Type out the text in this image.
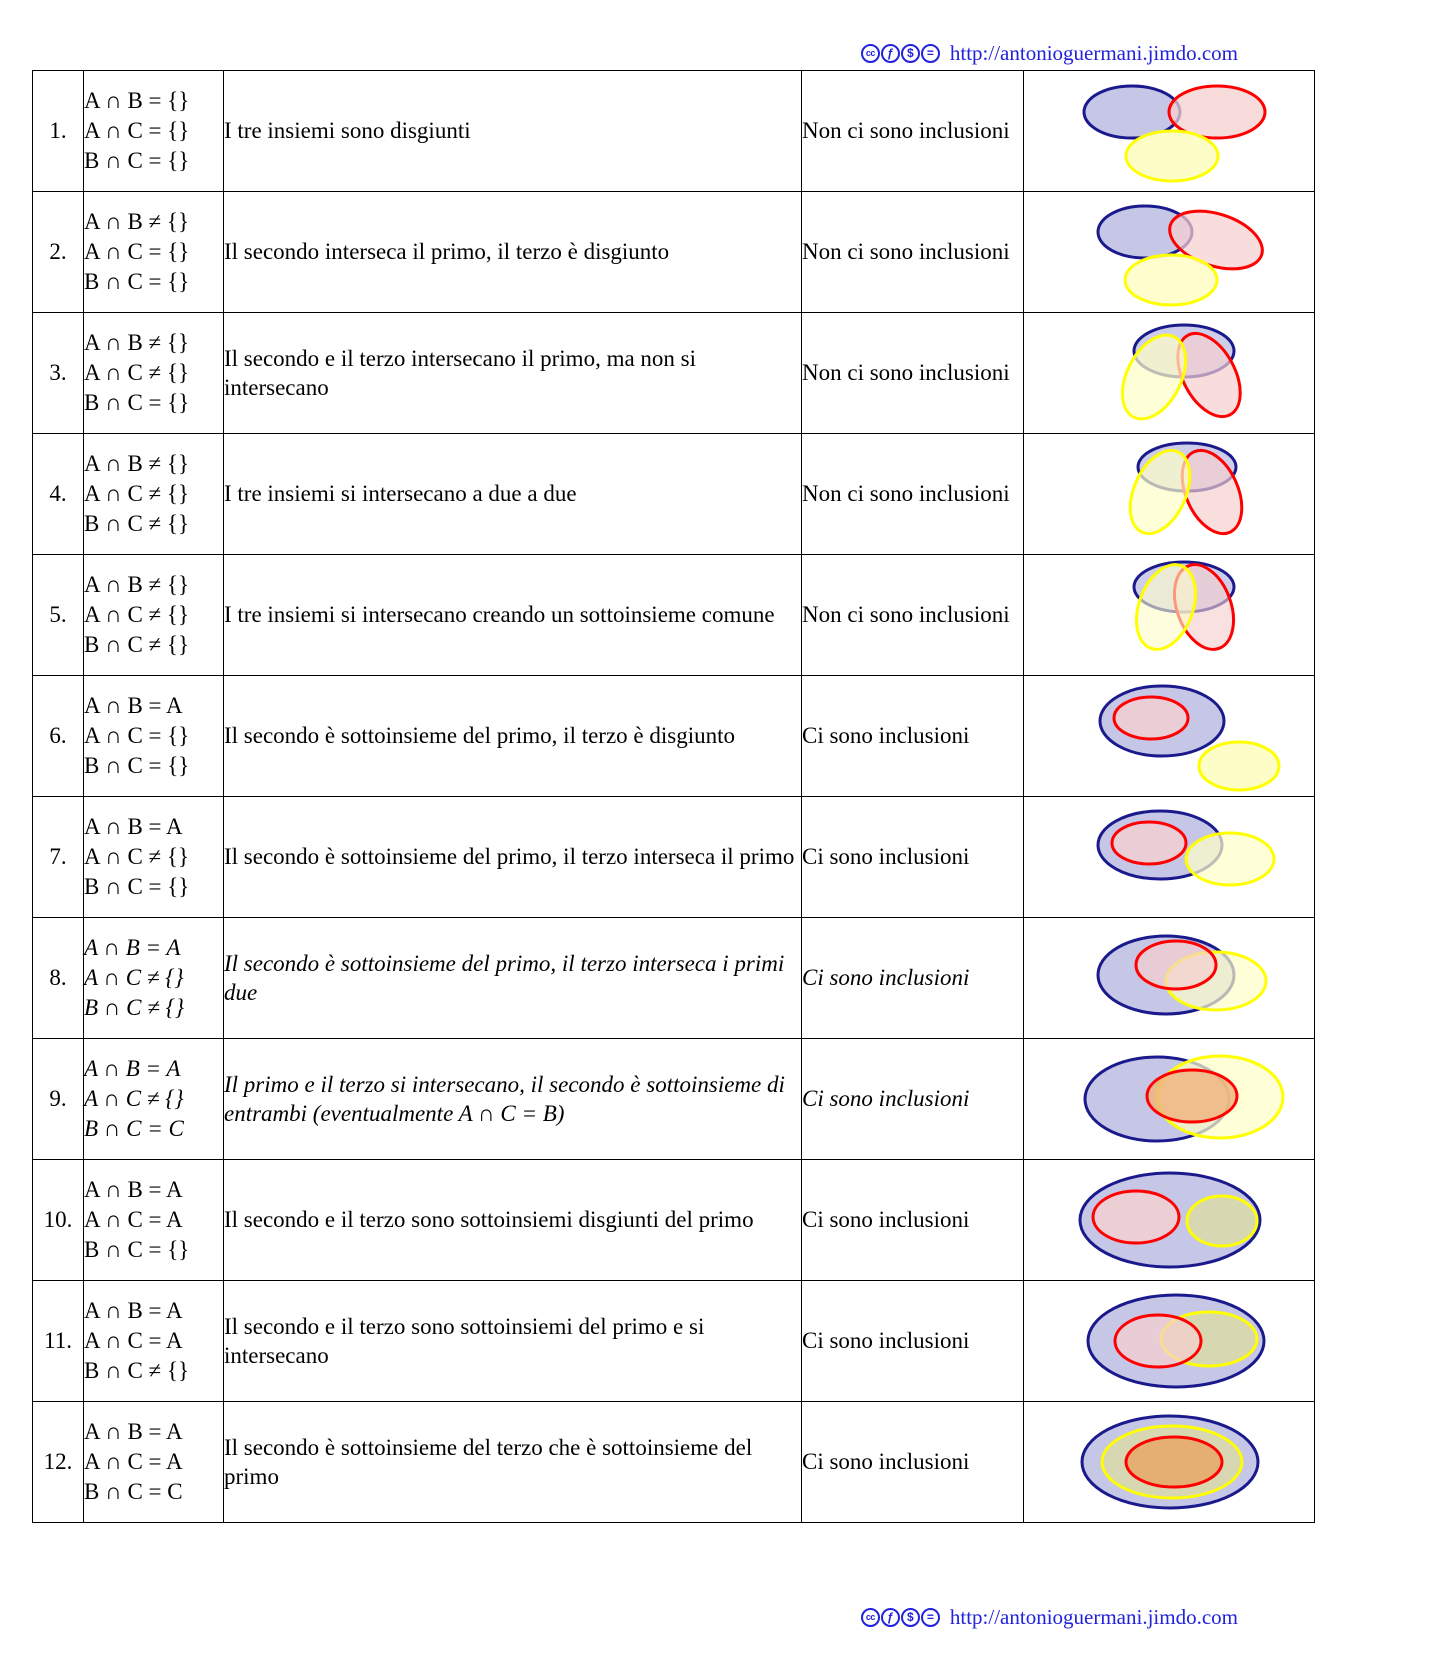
cc	ƒ	$	= http://antonioguermani.jimdo.com
1.	A ∩ B = {}
A ∩ C = {}
B ∩ C = {}	I tre insiemi sono disgiunti	Non ci sono inclusioni	

2.	A ∩ B ≠ {}
A ∩ C = {}
B ∩ C = {}	Il secondo interseca il primo, il terzo è disgiunto	Non ci sono inclusioni	

3.	A ∩ B ≠ {}
A ∩ C ≠ {}
B ∩ C = {}	Il secondo e il terzo intersecano il primo, ma non si intersecano	Non ci sono inclusioni	

4.	A ∩ B ≠ {}
A ∩ C ≠ {}
B ∩ C ≠ {}	I tre insiemi si intersecano a due a due	Non ci sono inclusioni	

5.	A ∩ B ≠ {}
A ∩ C ≠ {}
B ∩ C ≠ {}	I tre insiemi si intersecano creando un sottoinsieme comune	Non ci sono inclusioni	

6.	A ∩ B = A
A ∩ C = {}
B ∩ C = {}	Il secondo è sottoinsieme del primo, il terzo è disgiunto	Ci sono inclusioni	

7.	A ∩ B = A
A ∩ C ≠ {}
B ∩ C = {}	Il secondo è sottoinsieme del primo, il terzo interseca il primo	Ci sono inclusioni	

8.	A ∩ B = A
A ∩ C ≠ {}
B ∩ C ≠ {}	Il secondo è sottoinsieme del primo, il terzo interseca i primi due	Ci sono inclusioni	

9.	A ∩ B = A
A ∩ C ≠ {}
B ∩ C = C	Il primo e il terzo si intersecano, il secondo è sottoinsieme di entrambi (eventualmente A ∩ C = B)	Ci sono inclusioni	

10.	A ∩ B = A
A ∩ C = A
B ∩ C = {}	Il secondo e il terzo sono sottoinsiemi disgiunti del primo	Ci sono inclusioni	

11.	A ∩ B = A
A ∩ C = A
B ∩ C ≠ {}	Il secondo e il terzo sono sottoinsiemi del primo e si intersecano	Ci sono inclusioni	

12.	A ∩ B = A
A ∩ C = A
B ∩ C = C	Il secondo è sottoinsieme del terzo che è sottoinsieme del primo	Ci sono inclusioni	
cc	ƒ	$	= http://antonioguermani.jimdo.com
